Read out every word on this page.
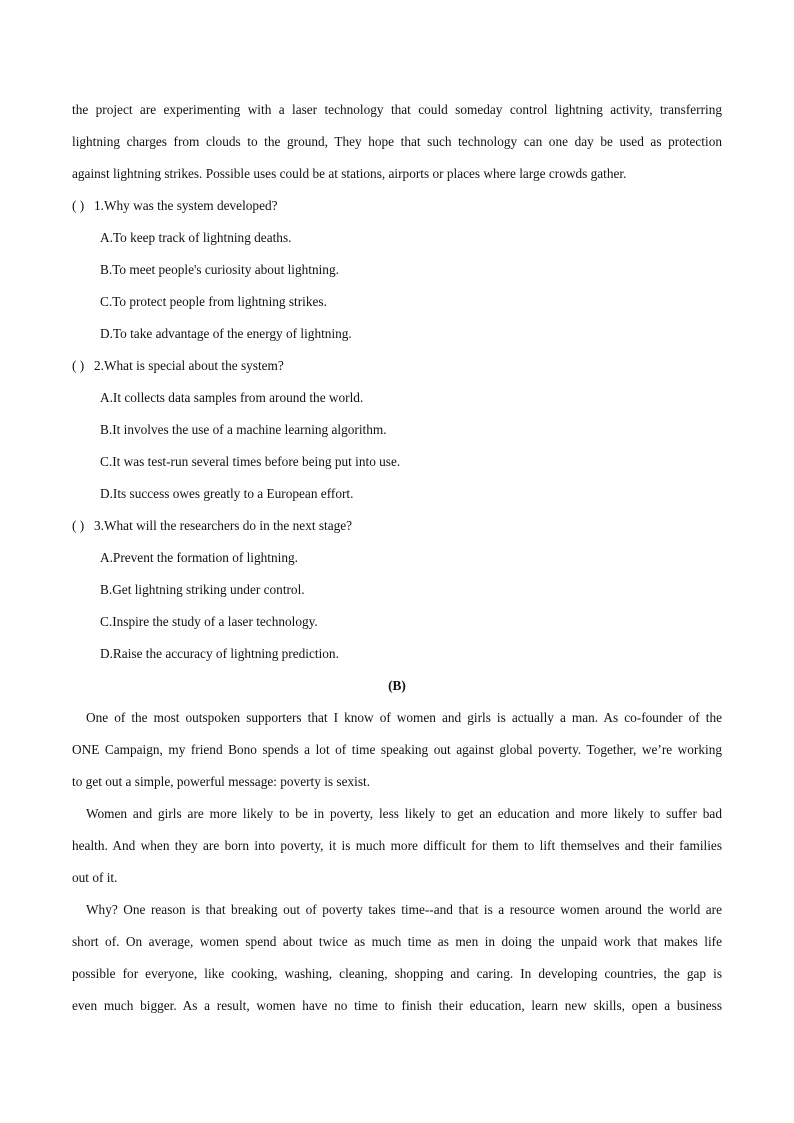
the project are experimenting with a laser technology that could someday control lightning activity, transferring
lightning charges from clouds to the ground, They hope that such technology can one day be used as protection
against lightning strikes. Possible uses could be at stations, airports or places where large crowds gather.
( ) 1.Why was the system developed?
A.To keep track of lightning deaths.
B.To meet people's curiosity about lightning.
C.To protect people from lightning strikes.
D.To take advantage of the energy of lightning.
( ) 2.What is special about the system?
A.It collects data samples from around the world.
B.It involves the use of a machine learning algorithm.
C.It was test-run several times before being put into use.
D.Its success owes greatly to a European effort.
( ) 3.What will the researchers do in the next stage?
A.Prevent the formation of lightning.
B.Get lightning striking under control.
C.Inspire the study of a laser technology.
D.Raise the accuracy of lightning prediction.
(B)
One of the most outspoken supporters that I know of women and girls is actually a man. As co-founder of the
ONE Campaign, my friend Bono spends a lot of time speaking out against global poverty. Together, we’re working
to get out a simple, powerful message: poverty is sexist.
Women and girls are more likely to be in poverty, less likely to get an education and more likely to suffer bad
health. And when they are born into poverty, it is much more difficult for them to lift themselves and their families
out of it.
Why? One reason is that breaking out of poverty takes time--and that is a resource women around the world are
short of. On average, women spend about twice as much time as men in doing the unpaid work that makes life
possible for everyone, like cooking, washing, cleaning, shopping and caring. In developing countries, the gap is
even much bigger. As a result, women have no time to finish their education, learn new skills, open a business
